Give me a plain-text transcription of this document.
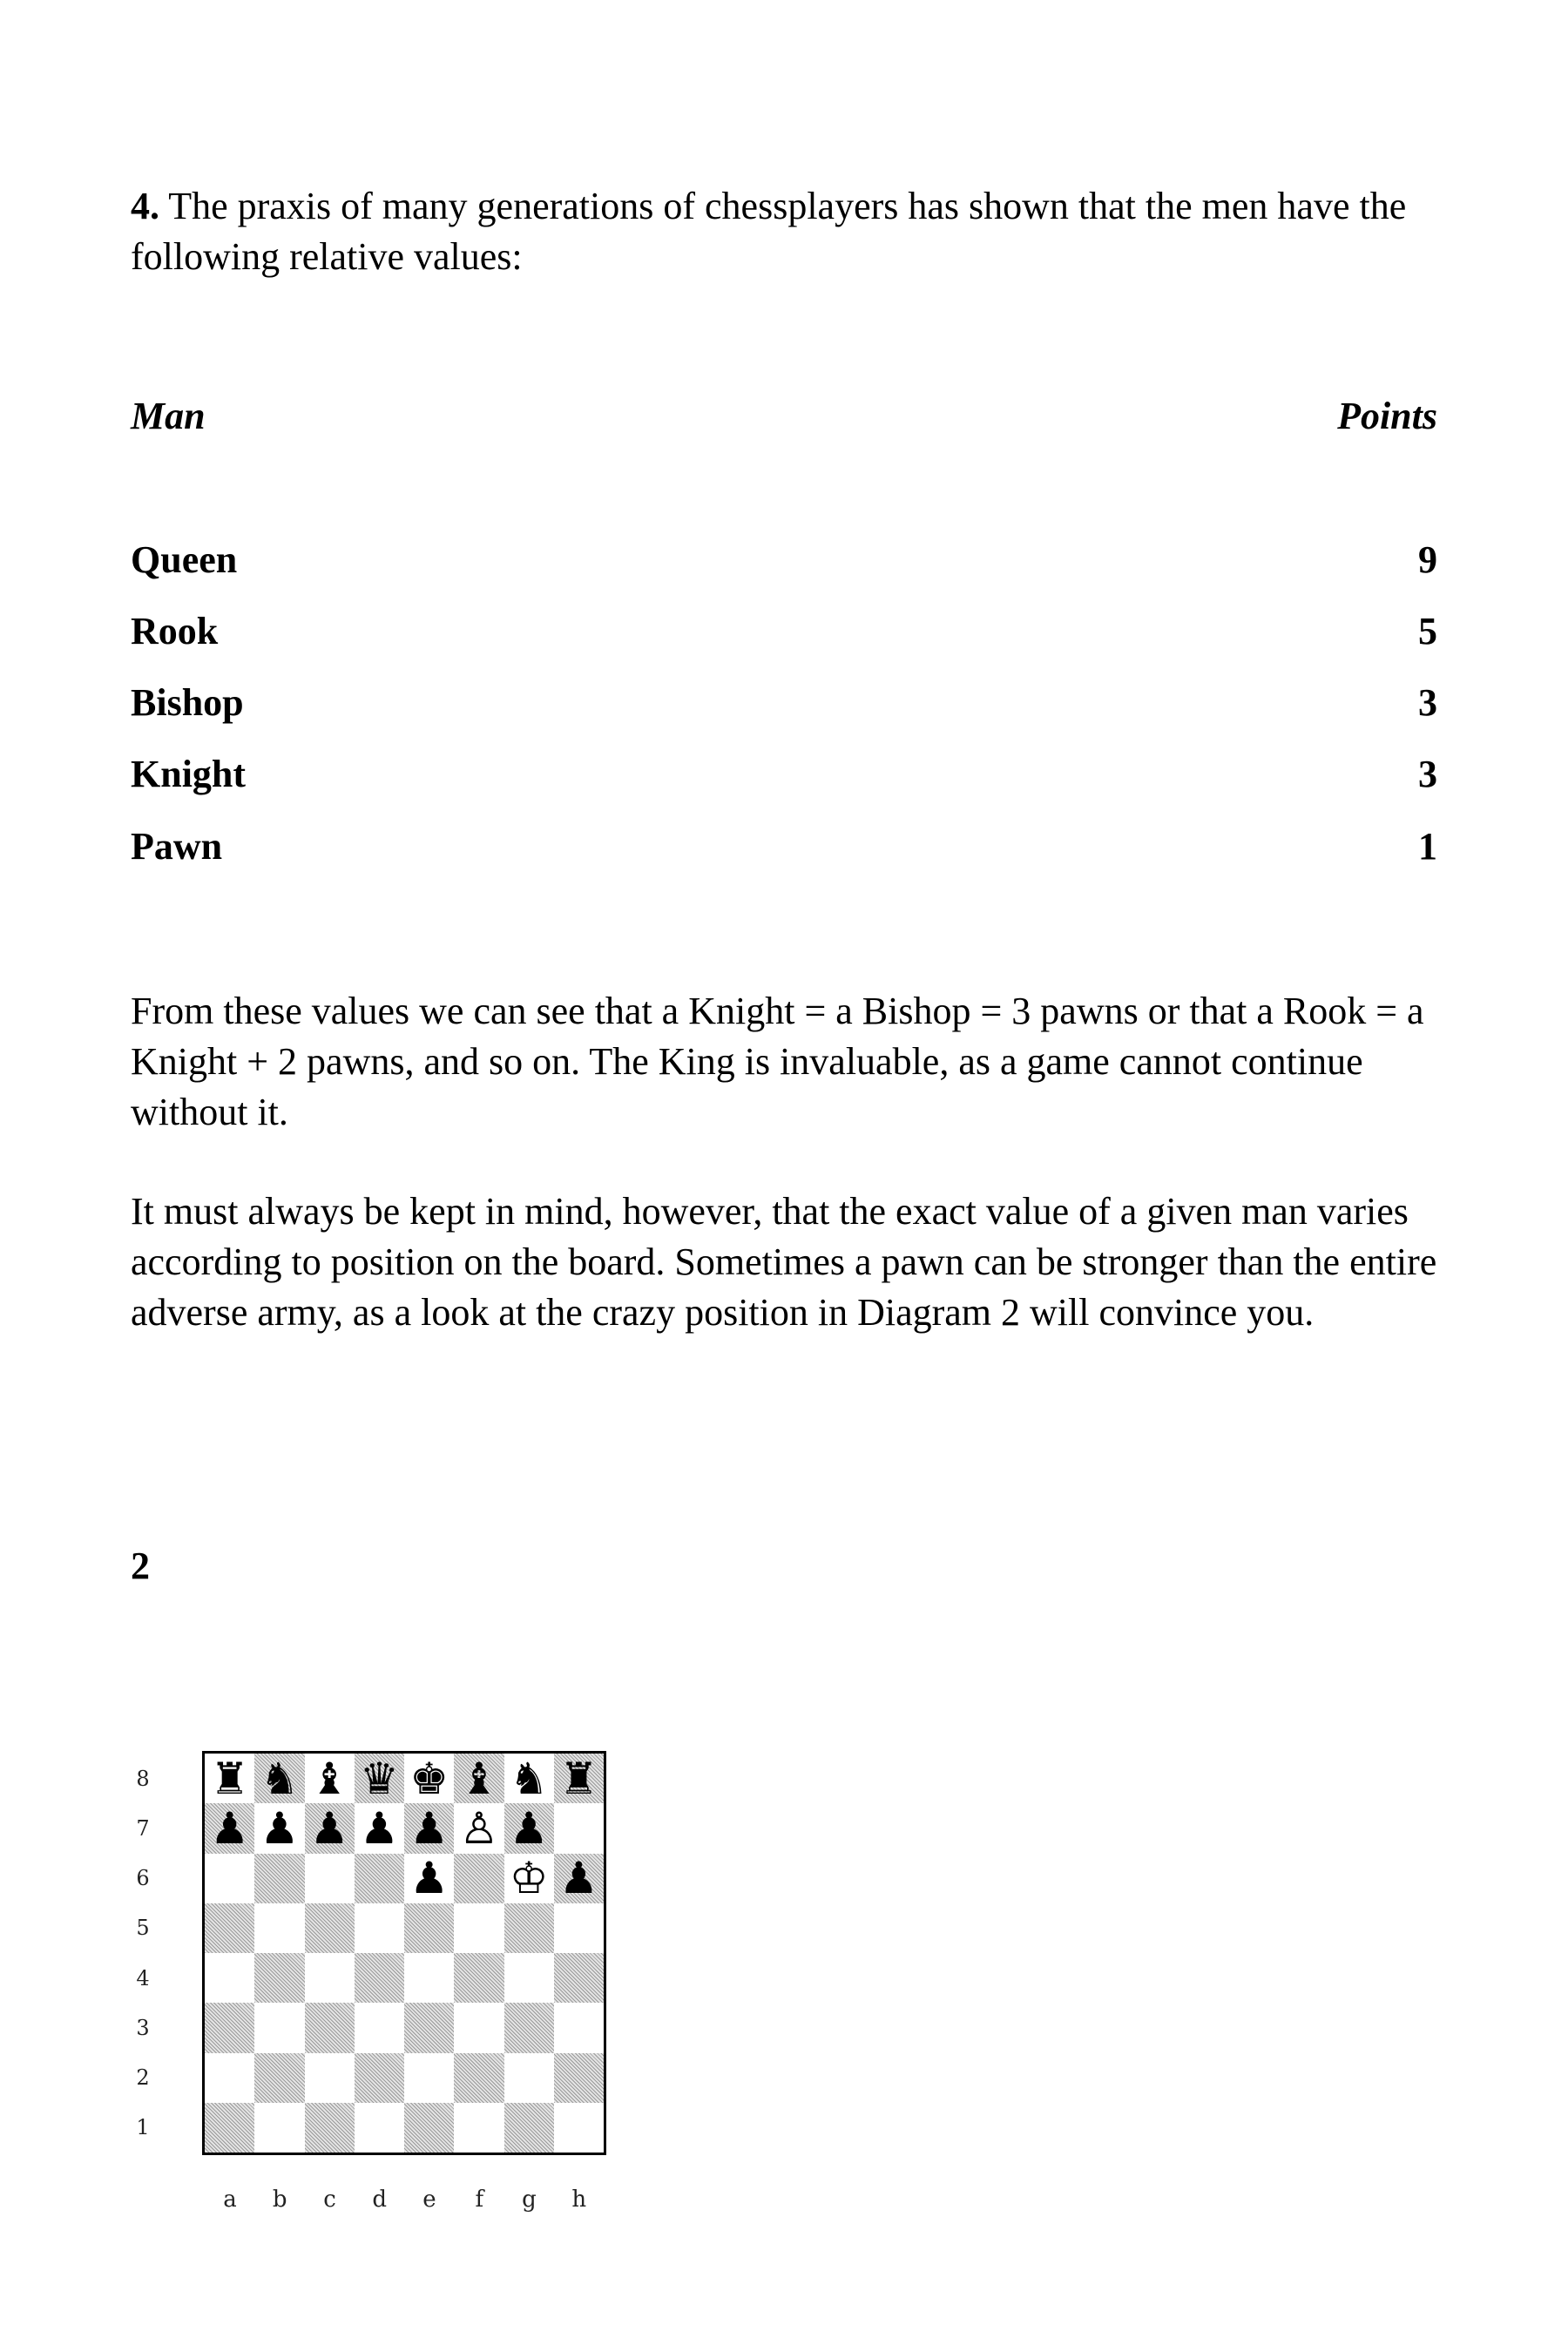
4. The praxis of many generations of chessplayers has shown that the men have the following relative values:
Man	Points
Queen	9
Rook	5
Bishop	3
Knight	3
Pawn	1
From these values we can see that a Knight = a Bishop = 3 pawns or that a Rook = a Knight + 2 pawns, and so on. The King is invaluable, as a game cannot continue without it.
It must always be kept in mind, however, that the exact value of a given man varies according to position on the board. Sometimes a pawn can be stronger than the entire adverse army, as a look at the crazy position in Diagram 2 will convince you.
2
♜ ♞ ♝ ♛ ♚ ♝ ♞ ♜
♟ ♟ ♟ ♟ ♟ ♙ ♟
♟ ♔ ♟
8
7
6
5
4
3
2
1
a	b	c	d	e	f	g	h
